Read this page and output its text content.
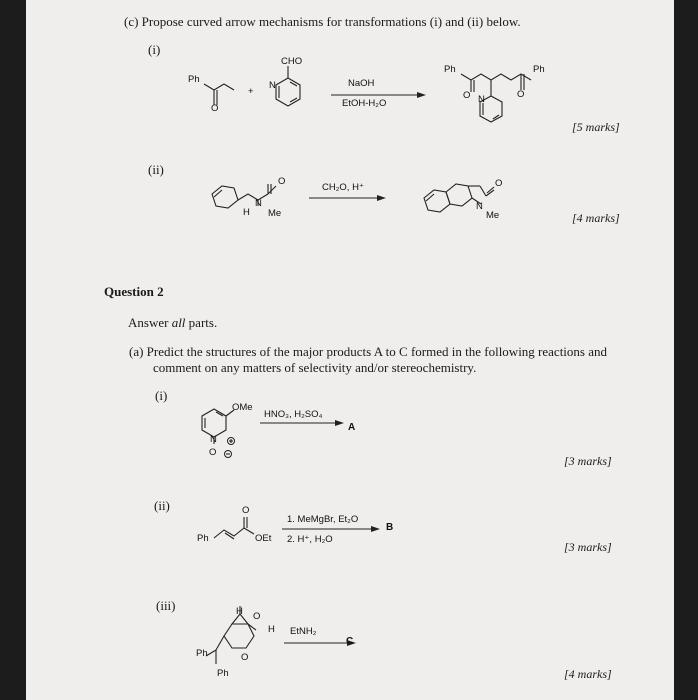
(c) Propose curved arrow mechanisms for transformations (i) and (ii) below.
(i)
Ph
O
+
CHO
N	NaOH
EtOH-H₂O
Ph	Ph
O	O
N
[5 marks]
(ii)
O
H
N
Me
CH₂O, H⁺	O
N
Me	[4 marks]
Question 2
Answer all parts.
(a) Predict the structures of the major products A to C formed in the following reactions and
comment on any matters of selectivity and/or stereochemistry.
(i)
OMe
N
O
HNO₃, H₂SO₄
A
[3 marks]
(ii)
Ph
O
OEt
1. MeMgBr, Et₂O
2. H⁺, H₂O
B
[3 marks]
(iii)	H O
H
O
Ph
Ph
EtNH₂
C
[4 marks]
